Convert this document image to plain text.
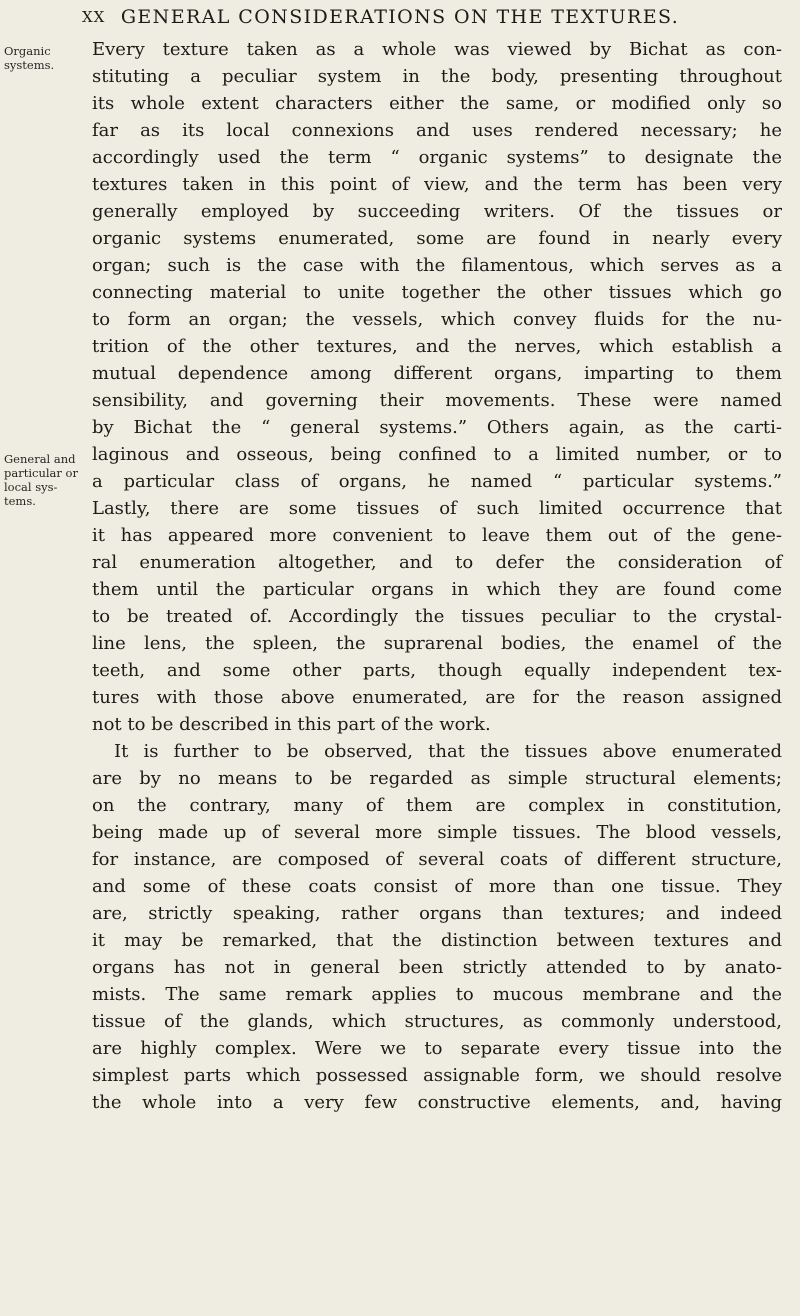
XX GENERAL CONSIDERATIONS ON THE TEXTURES.
Organic
systems.
General and
particular or
local sys-
tems.
Every texture taken as a whole was viewed by Bichat as con-
stituting a peculiar system in the body, presenting throughout
its whole extent characters either the same, or modified only so
far as its local connexions and uses rendered necessary; he
accordingly used the term “ organic systems” to designate the
textures taken in this point of view, and the term has been very
generally employed by succeeding writers. Of the tissues or
organic systems enumerated, some are found in nearly every
organ; such is the case with the filamentous, which serves as a
connecting material to unite together the other tissues which go
to form an organ; the vessels, which convey fluids for the nu-
trition of the other textures, and the nerves, which establish a
mutual dependence among different organs, imparting to them
sensibility, and governing their movements. These were named
by Bichat the “ general systems.” Others again, as the carti-
laginous and osseous, being confined to a limited number, or to
a particular class of organs, he named “ particular systems.”
Lastly, there are some tissues of such limited occurrence that
it has appeared more convenient to leave them out of the gene-
ral enumeration altogether, and to defer the consideration of
them until the particular organs in which they are found come
to be treated of. Accordingly the tissues peculiar to the crystal-
line lens, the spleen, the suprarenal bodies, the enamel of the
teeth, and some other parts, though equally independent tex-
tures with those above enumerated, are for the reason assigned
not to be described in this part of the work.
It is further to be observed, that the tissues above enumerated
are by no means to be regarded as simple structural elements;
on the contrary, many of them are complex in constitution,
being made up of several more simple tissues. The blood vessels,
for instance, are composed of several coats of different structure,
and some of these coats consist of more than one tissue. They
are, strictly speaking, rather organs than textures; and indeed
it may be remarked, that the distinction between textures and
organs has not in general been strictly attended to by anato-
mists. The same remark applies to mucous membrane and the
tissue of the glands, which structures, as commonly understood,
are highly complex. Were we to separate every tissue into the
simplest parts which possessed assignable form, we should resolve
the whole into a very few constructive elements, and, having
